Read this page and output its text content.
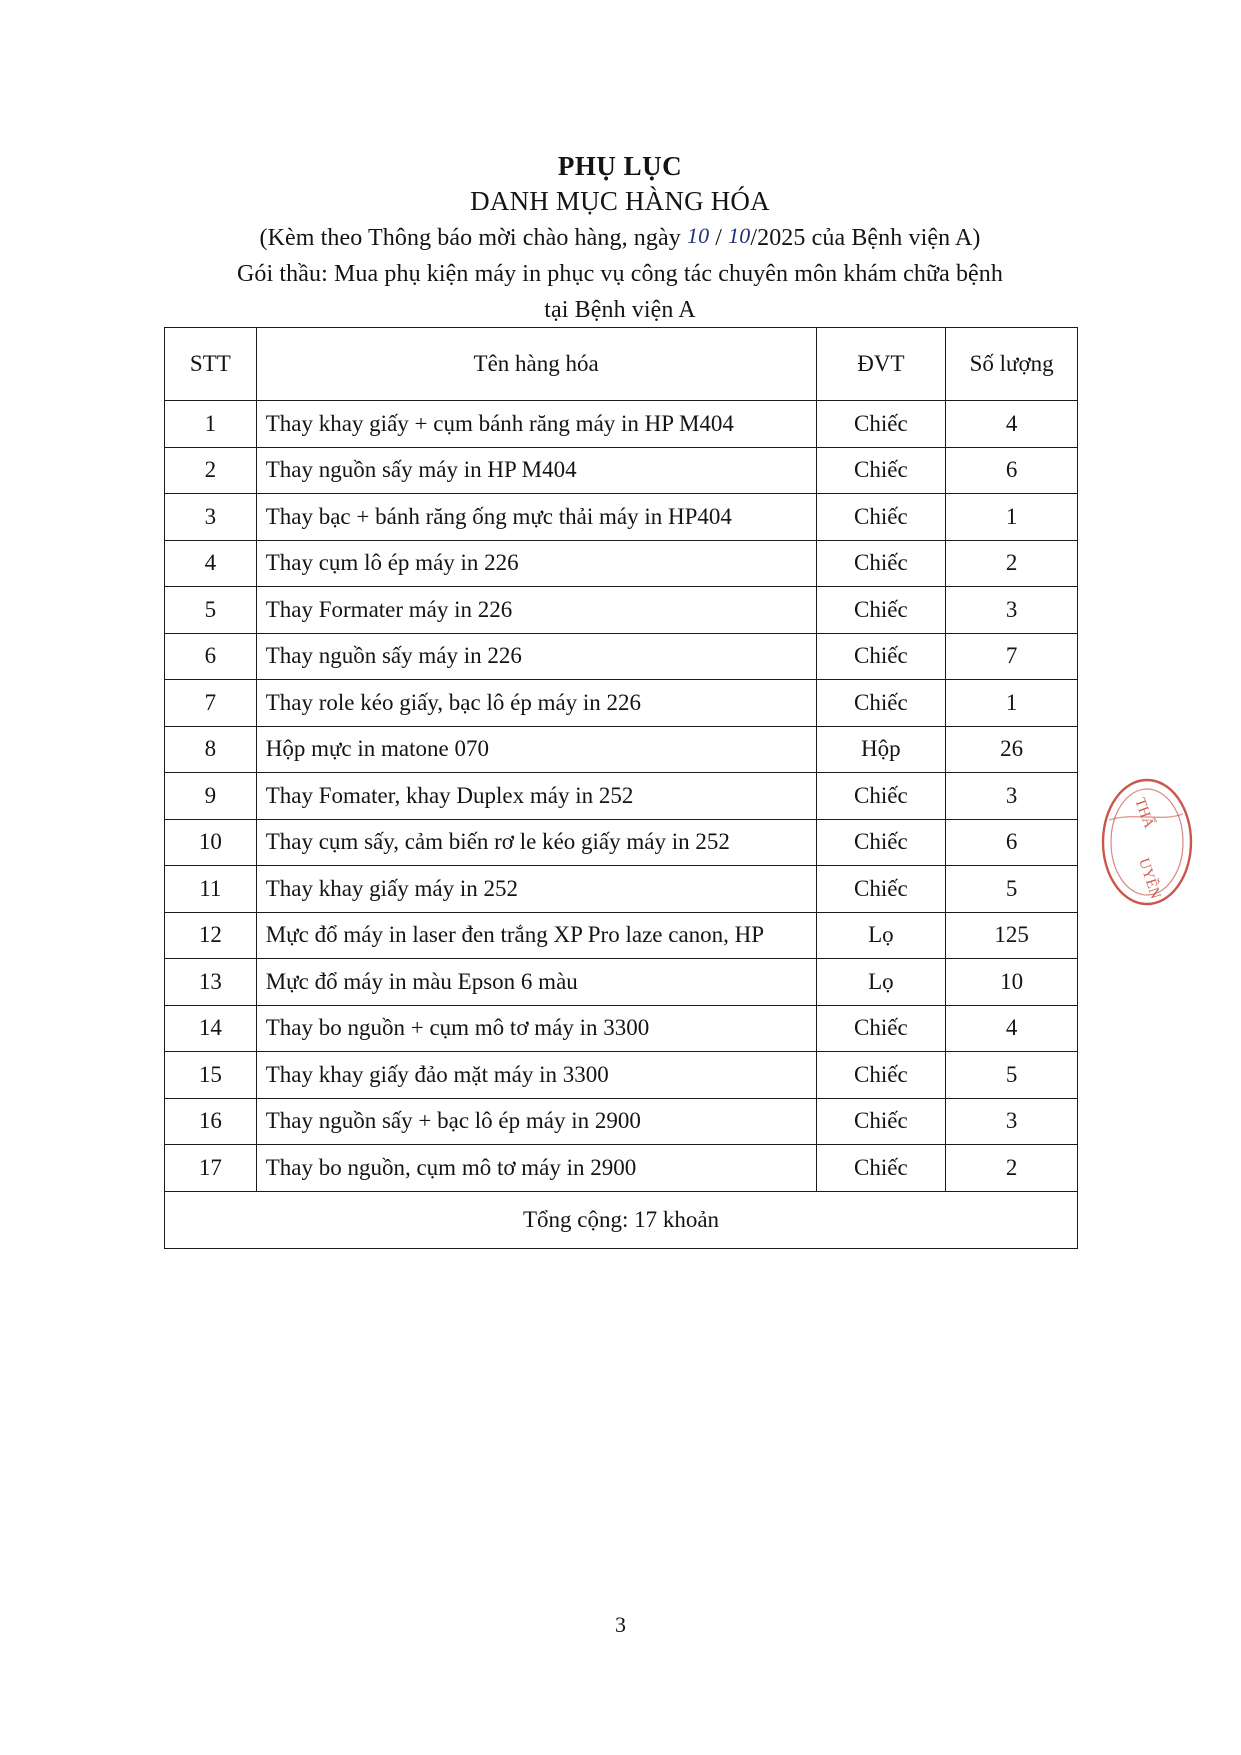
PHỤ LỤC
DANH MỤC HÀNG HÓA
(Kèm theo Thông báo mời chào hàng, ngày 10 / 10/2025 của Bệnh viện A)
Gói thầu: Mua phụ kiện máy in phục vụ công tác chuyên môn khám chữa bệnh
tại Bệnh viện A
STT	Tên hàng hóa	ĐVT	Số lượng
1	Thay khay giấy + cụm bánh răng máy in HP M404	Chiếc	4
2	Thay nguồn sấy máy in HP M404	Chiếc	6
3	Thay bạc + bánh răng ống mực thải máy in HP404	Chiếc	1
4	Thay cụm lô ép máy in 226	Chiếc	2
5	Thay Formater máy in 226	Chiếc	3
6	Thay nguồn sấy máy in 226	Chiếc	7
7	Thay role kéo giấy, bạc lô ép máy in 226	Chiếc	1
8	Hộp mực in matone 070	Hộp	26
9	Thay Fomater, khay Duplex máy in 252	Chiếc	3
10	Thay cụm sấy, cảm biến rơ le kéo giấy máy in 252	Chiếc	6
11	Thay khay giấy máy in 252	Chiếc	5
12	Mực đổ máy in laser đen trắng XP Pro laze canon, HP	Lọ	125
13	Mực đổ máy in màu Epson 6 màu	Lọ	10
14	Thay bo nguồn + cụm mô tơ máy in 3300	Chiếc	4
15	Thay khay giấy đảo mặt máy in 3300	Chiếc	5
16	Thay nguồn sấy + bạc lô ép máy in 2900	Chiếc	3
17	Thay bo nguồn, cụm mô tơ máy in 2900	Chiếc	2
Tổng cộng: 17 khoản			
THẨ
UYỀN
3
